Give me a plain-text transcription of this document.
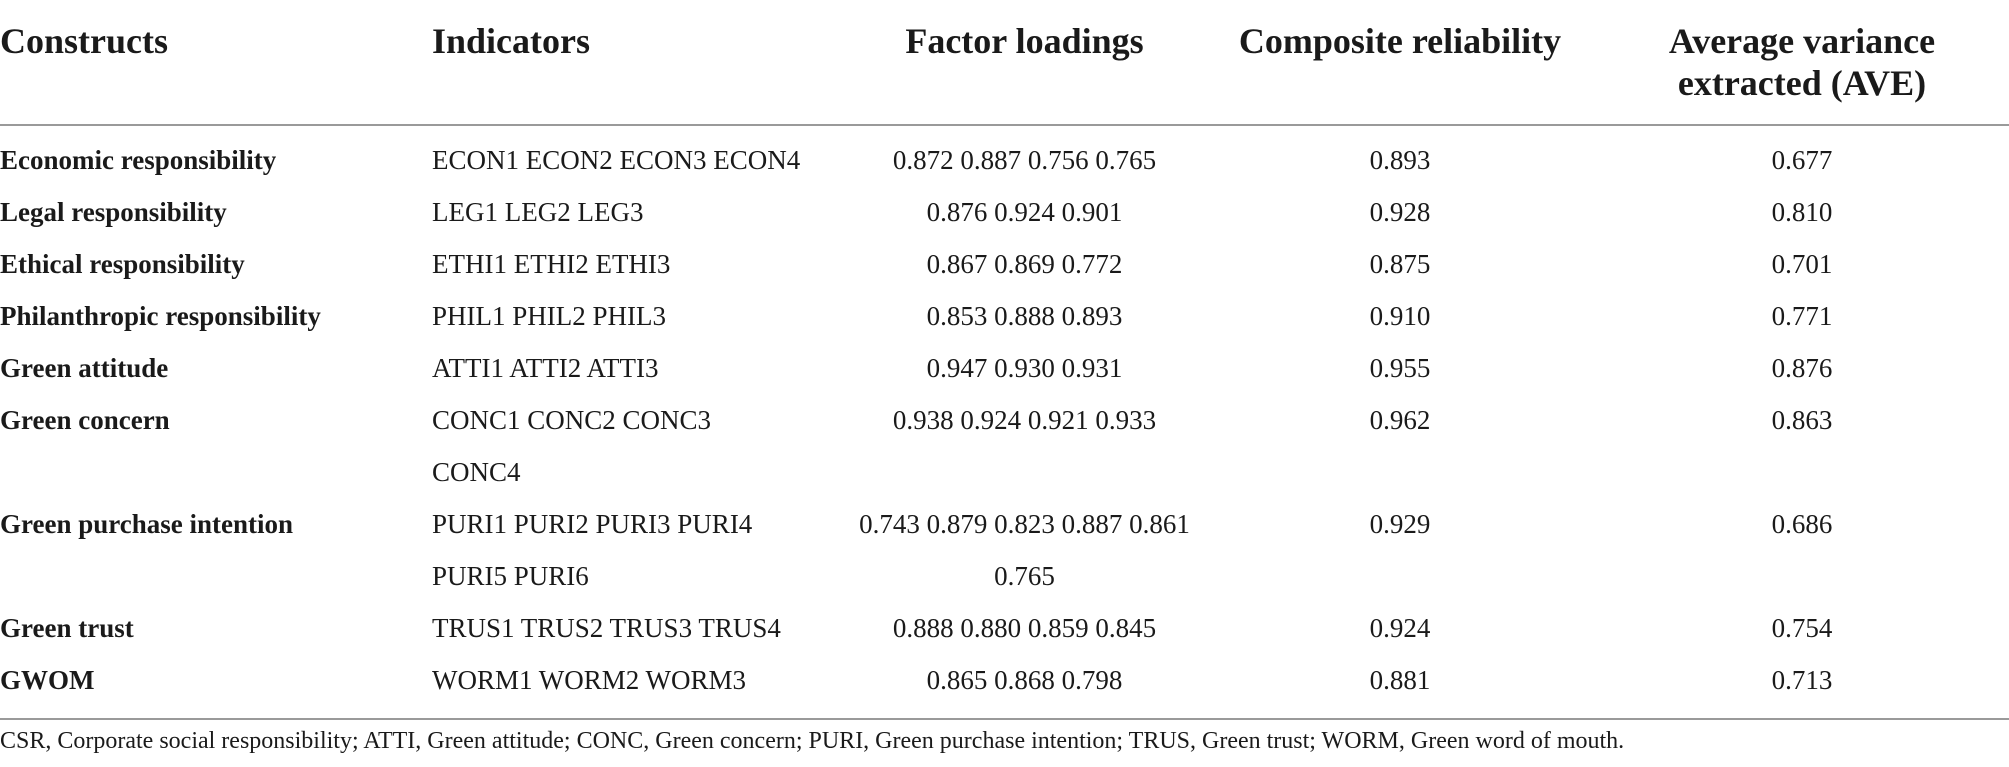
Constructs	Indicators	Factor loadings	Composite reliability	Average variance
extracted (AVE)
Economic responsibility	ECON1 ECON2 ECON3 ECON4	0.872 0.887 0.756 0.765	0.893	0.677
Legal responsibility	LEG1 LEG2 LEG3	0.876 0.924 0.901	0.928	0.810
Ethical responsibility	ETHI1 ETHI2 ETHI3	0.867 0.869 0.772	0.875	0.701
Philanthropic responsibility	PHIL1 PHIL2 PHIL3	0.853 0.888 0.893	0.910	0.771
Green attitude	ATTI1 ATTI2 ATTI3	0.947 0.930 0.931	0.955	0.876
Green concern	CONC1 CONC2 CONC3 CONC4	0.938 0.924 0.921 0.933	0.962	0.863
Green purchase intention	PURI1 PURI2 PURI3 PURI4 PURI5 PURI6	0.743 0.879 0.823 0.887 0.861 0.765	0.929	0.686
Green trust	TRUS1 TRUS2 TRUS3 TRUS4	0.888 0.880 0.859 0.845	0.924	0.754
GWOM	WORM1 WORM2 WORM3	0.865 0.868 0.798	0.881	0.713
CSR, Corporate social responsibility; ATTI, Green attitude; CONC, Green concern; PURI, Green purchase intention; TRUS, Green trust; WORM, Green word of mouth.
